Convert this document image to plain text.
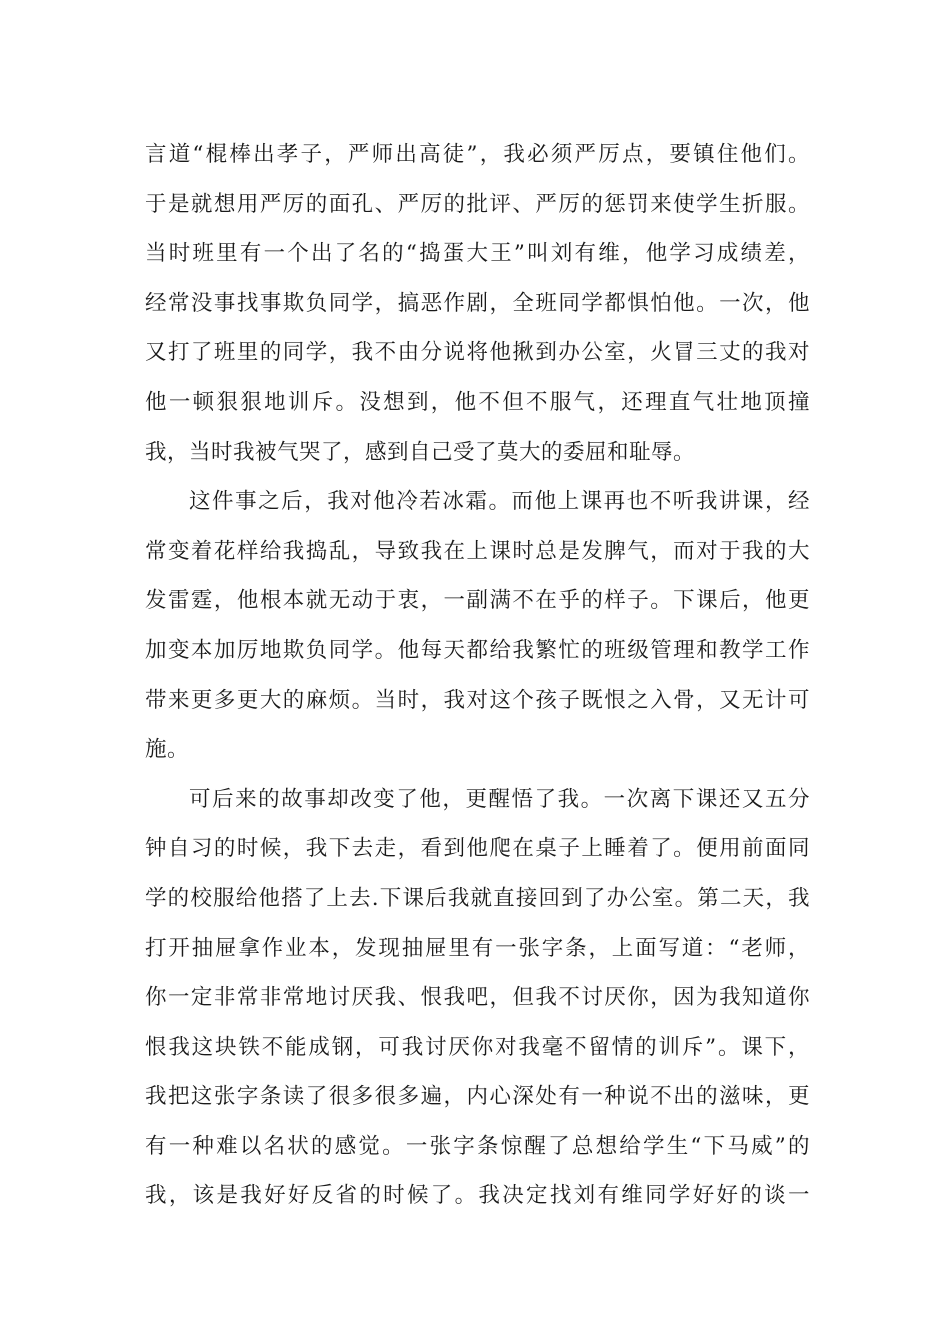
言道“棍棒出孝子，严师出高徒”，我必须严厉点，要镇住他们。
于是就想用严厉的面孔、严厉的批评、严厉的惩罚来使学生折服。
当时班里有一个出了名的“捣蛋大王”叫刘有维，他学习成绩差，
经常没事找事欺负同学，搞恶作剧，全班同学都惧怕他。一次，他
又打了班里的同学，我不由分说将他揪到办公室，火冒三丈的我对
他一顿狠狠地训斥。没想到，他不但不服气，还理直气壮地顶撞
我，当时我被气哭了，感到自己受了莫大的委屈和耻辱。
这件事之后，我对他冷若冰霜。而他上课再也不听我讲课，经
常变着花样给我捣乱，导致我在上课时总是发脾气，而对于我的大
发雷霆，他根本就无动于衷，一副满不在乎的样子。下课后，他更
加变本加厉地欺负同学。他每天都给我繁忙的班级管理和教学工作
带来更多更大的麻烦。当时，我对这个孩子既恨之入骨，又无计可
施。
可后来的故事却改变了他，更醒悟了我。一次离下课还又五分
钟自习的时候，我下去走，看到他爬在桌子上睡着了。便用前面同
学的校服给他搭了上去.下课后我就直接回到了办公室。第二天，我
打开抽屉拿作业本，发现抽屉里有一张字条，上面写道：“老师，
你一定非常非常地讨厌我、恨我吧，但我不讨厌你，因为我知道你
恨我这块铁不能成钢，可我讨厌你对我毫不留情的训斥”。课下，
我把这张字条读了很多很多遍，内心深处有一种说不出的滋味，更
有一种难以名状的感觉。一张字条惊醒了总想给学生“下马威”的
我，该是我好好反省的时候了。我决定找刘有维同学好好的谈一
